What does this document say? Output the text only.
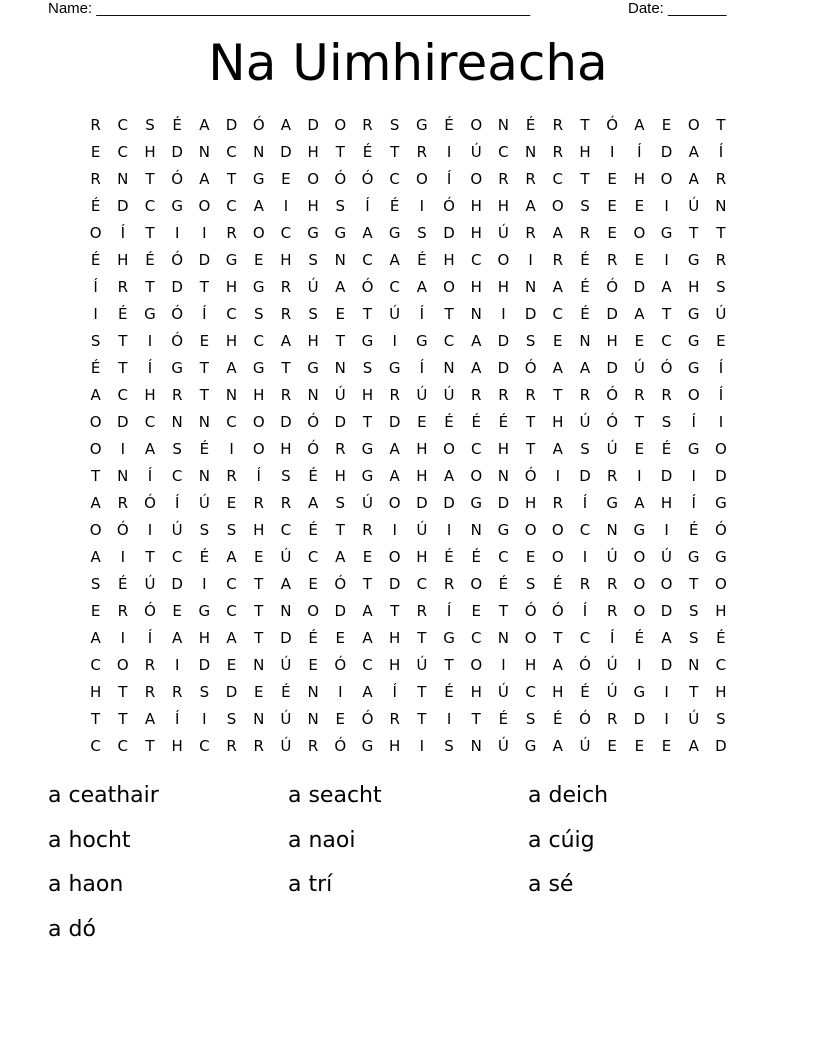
Name: ____________________________________________________	Date: _______
Na Uimhireacha
R	C	S	É	A	D	Ó	A	D	O	R	S	G	É	O	N	É	R	T	Ó	A	E	O	T
E	C	H	D	N	C	N	D	H	T	É	T	R	I	Ú	C	N	R	H	I	Í	D	A	Í
R	N	T	Ó	A	T	G	E	O	Ó	Ó	C	O	Í	O	R	R	C	T	E	H	O	A	R
É	D	C	G	O	C	A	I	H	S	Í	É	I	Ó	H	H	A	O	S	E	E	I	Ú	N
O	Í	T	I	I	R	O	C	G	G	A	G	S	D	H	Ú	R	A	R	E	O	G	T	T
É	H	É	Ó	D	G	E	H	S	N	C	A	É	H	C	O	I	R	É	R	E	I	G	R
Í	R	T	D	T	H	G	R	Ú	A	Ó	C	A	O	H	H	N	A	É	Ó	D	A	H	S
I	É	G	Ó	Í	C	S	R	S	E	T	Ú	Í	T	N	I	D	C	É	D	A	T	G	Ú
S	T	I	Ó	E	H	C	A	H	T	G	I	G	C	A	D	S	E	N	H	E	C	G	E
É	T	Í	G	T	A	G	T	G	N	S	G	Í	N	A	D	Ó	A	A	D	Ú	Ó	G	Í
A	C	H	R	T	N	H	R	N	Ú	H	R	Ú	Ú	R	R	R	T	R	Ó	R	R	O	Í
O	D	C	N	N	C	O	D	Ó	D	T	D	E	É	É	É	T	H	Ú	Ó	T	S	Í	I
O	I	A	S	É	I	O	H	Ó	R	G	A	H	O	C	H	T	A	S	Ú	E	É	G	O
T	N	Í	C	N	R	Í	S	É	H	G	A	H	A	O	N	Ó	I	D	R	I	D	I	D
A	R	Ó	Í	Ú	E	R	R	A	S	Ú	O	D	D	G	D	H	R	Í	G	A	H	Í	G
O	Ó	I	Ú	S	S	H	C	É	T	R	I	Ú	I	N	G	O	O	C	N	G	I	É	Ó
A	I	T	C	É	A	E	Ú	C	A	E	O	H	É	É	C	E	O	I	Ú	O	Ú	G	G
S	É	Ú	D	I	C	T	A	E	Ó	T	D	C	R	O	É	S	É	R	R	O	O	T	O
E	R	Ó	E	G	C	T	N	O	D	A	T	R	Í	E	T	Ó	Ó	Í	R	O	D	S	H
A	I	Í	A	H	A	T	D	É	E	A	H	T	G	C	N	O	T	C	Í	É	A	S	É
C	O	R	I	D	E	N	Ú	E	Ó	C	H	Ú	T	O	I	H	A	Ó	Ú	I	D	N	C
H	T	R	R	S	D	E	É	N	I	A	Í	T	É	H	Ú	C	H	É	Ú	G	I	T	H
T	T	A	Í	I	S	N	Ú	N	E	Ó	R	T	I	T	É	S	É	Ó	R	D	I	Ú	S
C	C	T	H	C	R	R	Ú	R	Ó	G	H	I	S	N	Ú	G	A	Ú	E	E	E	A	D
a ceathair	a seacht	a deich
a hocht	a naoi	a cúig
a haon	a trí	a sé
a dó
